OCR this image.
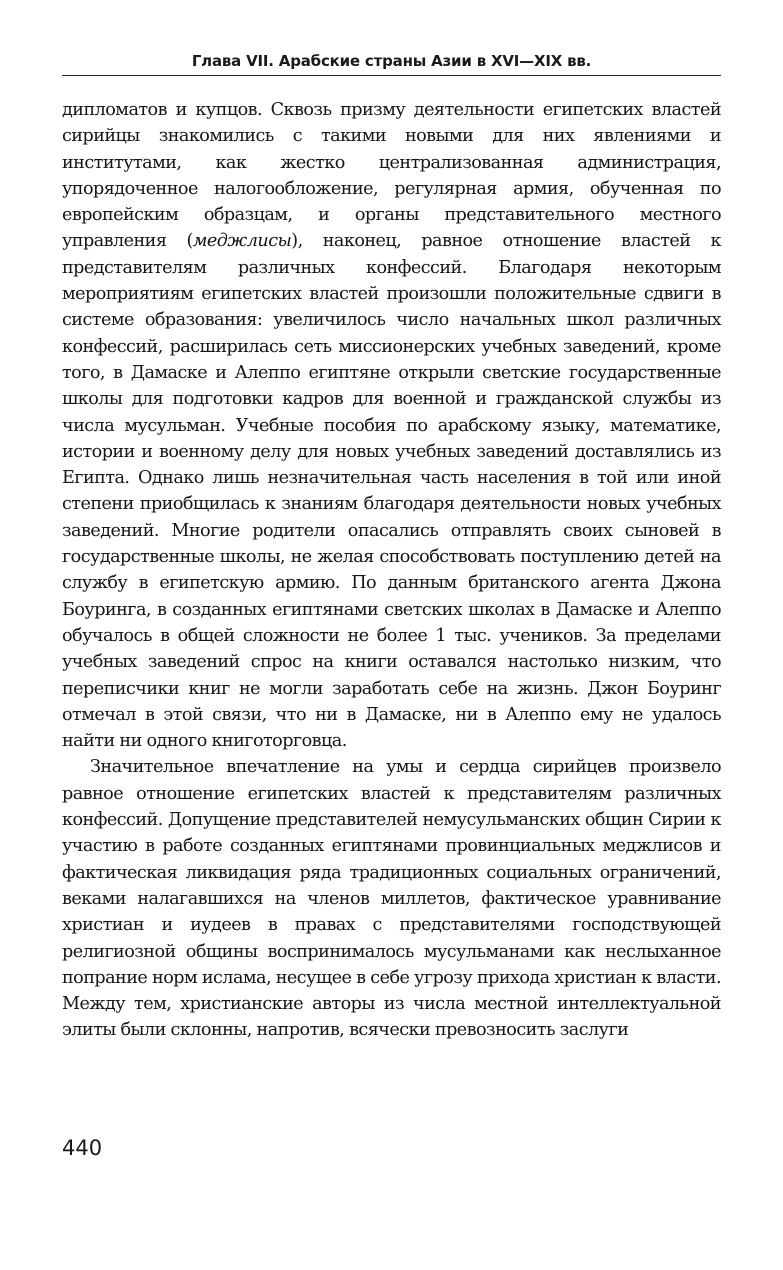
Глава VII. Арабские страны Азии в XVI—XIX вв.

дипломатов и купцов. Сквозь призму деятельности египетских властей сирийцы знакомились с такими новыми для них явлениями и институтами, как жестко централизованная администрация, упорядоченное налогообложение, регулярная армия, обученная по европейским образцам, и органы представительного местного управления (меджлисы), наконец, равное отношение властей к представителям различных конфессий. Благодаря некоторым мероприятиям египетских властей произошли положительные сдвиги в системе образования: увеличилось число начальных школ различных конфессий, расширилась сеть миссионерских учебных заведений, кроме того, в Дамаске и Алеппо египтяне открыли светские государственные школы для подготовки кадров для военной и гражданской службы из числа мусульман. Учебные пособия по арабскому языку, математике, истории и военному делу для новых учебных заведений доставлялись из Египта. Однако лишь незначительная часть населения в той или иной степени приобщилась к знаниям благодаря деятельности новых учебных заведений. Многие родители опасались отправлять своих сыновей в государственные школы, не желая способствовать поступлению детей на службу в египетскую армию. По данным британского агента Джона Боуринга, в созданных египтянами светских школах в Дамаске и Алеппо обучалось в общей сложности не более 1 тыс. учеников. За пределами учебных заведений спрос на книги оставался настолько низким, что переписчики книг не могли заработать себе на жизнь. Джон Боуринг отмечал в этой связи, что ни в Дамаске, ни в Алеппо ему не удалось найти ни одного книготорговца.

Значительное впечатление на умы и сердца сирийцев произвело равное отношение египетских властей к представителям различных конфессий. Допущение представителей немусульманских общин Сирии к участию в работе созданных египтянами провинциальных меджлисов и фактическая ликвидация ряда традиционных социальных ограничений, веками налагавшихся на членов миллетов, фактическое уравнивание христиан и иудеев в правах с представителями господствующей религиозной общины воспринималось мусульманами как неслыханное попрание норм ислама, несущее в себе угрозу прихода христиан к власти. Между тем, христианские авторы из числа местной интеллектуальной элиты были склонны, напротив, всячески превозносить заслуги

440
